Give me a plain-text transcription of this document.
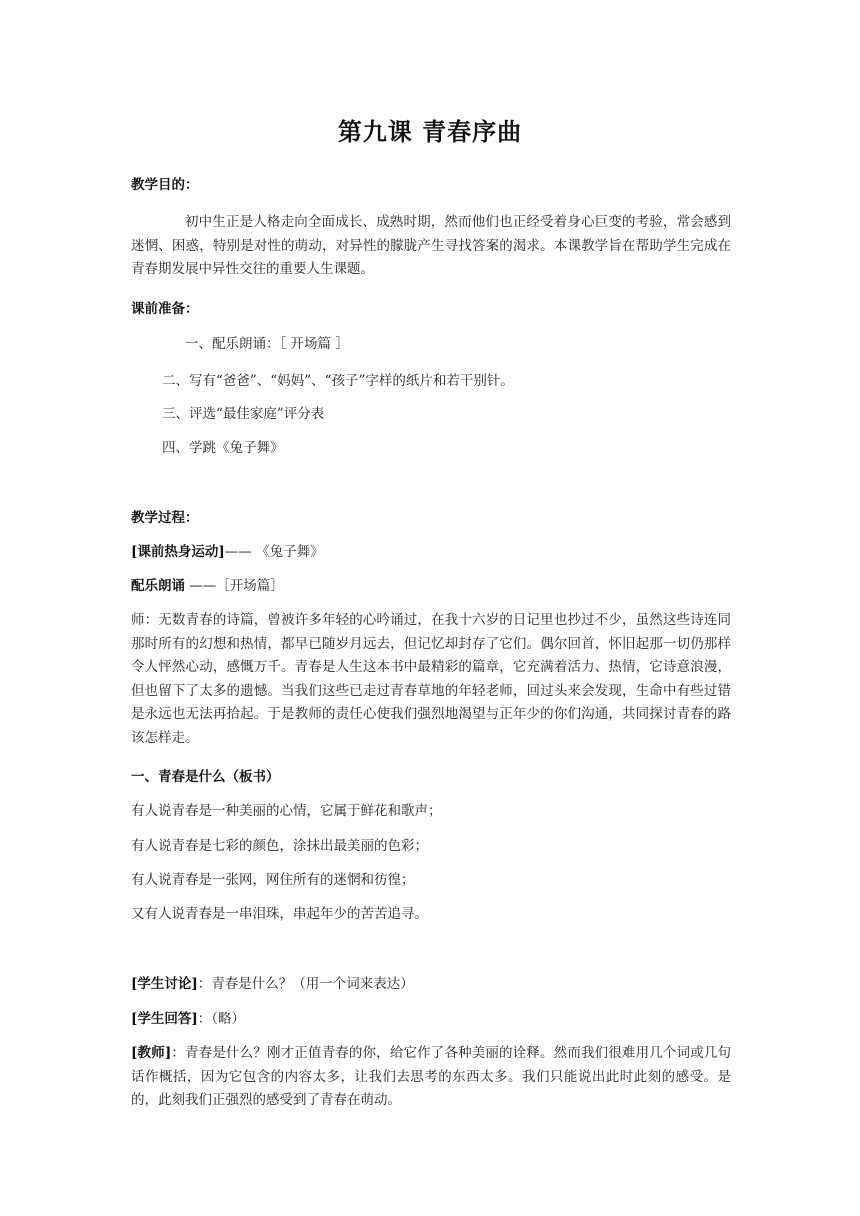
第九课 青春序曲
教学目的：
初中生正是人格走向全面成长、成熟时期，然而他们也正经受着身心巨变的考验，常会感到迷惘、困惑，特别是对性的萌动，对异性的朦胧产生寻找答案的渴求。本课教学旨在帮助学生完成在青春期发展中异性交往的重要人生课题。
课前准备：
一、配乐朗诵：［ 开场篇 ］
二、写有“爸爸”、“妈妈”、“孩子”字样的纸片和若干别针。
三、评选“最佳家庭”评分表
四、学跳《兔子舞》
教学过程：
[课前热身运动]—— 《兔子舞》
配乐朗诵 ——［开场篇］
师：无数青春的诗篇，曾被许多年轻的心吟诵过，在我十六岁的日记里也抄过不少，虽然这些诗连同那时所有的幻想和热情，都早已随岁月远去，但记忆却封存了它们。偶尔回首，怀旧起那一切仍那样令人怦然心动，感慨万千。青春是人生这本书中最精彩的篇章，它充满着活力、热情，它诗意浪漫，但也留下了太多的遗憾。当我们这些已走过青春草地的年轻老师，回过头来会发现，生命中有些过错是永远也无法再拾起。于是教师的责任心使我们强烈地渴望与正年少的你们沟通，共同探讨青春的路该怎样走。
一、青春是什么（板书）
有人说青春是一种美丽的心情，它属于鲜花和歌声；
有人说青春是七彩的颜色，涂抹出最美丽的色彩；
有人说青春是一张网，网住所有的迷惘和彷徨；
又有人说青春是一串泪珠，串起年少的苦苦追寻。
[学生讨论]：青春是什么？（用一个词来表达）
[学生回答]：（略）
[教师]：青春是什么？刚才正值青春的你，给它作了各种美丽的诠释。然而我们很难用几个词或几句话作概括，因为它包含的内容太多，让我们去思考的东西太多。我们只能说出此时此刻的感受。是的，此刻我们正强烈的感受到了青春在萌动。
